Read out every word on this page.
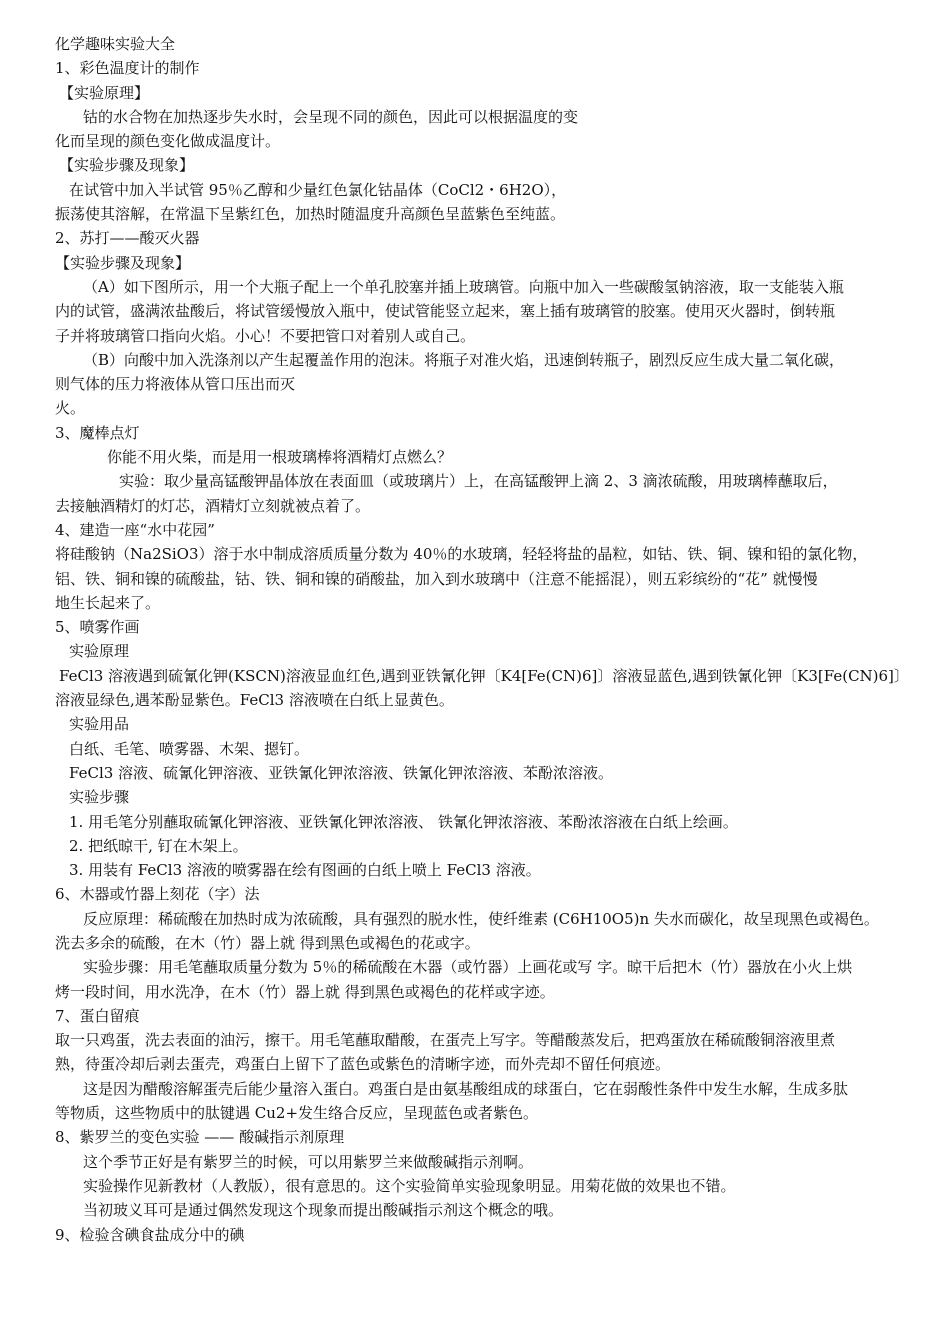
化学趣味实验大全
1、彩色温度计的制作
【实验原理】
钴的水合物在加热逐步失水时，会呈现不同的颜色，因此可以根据温度的变
化而呈现的颜色变化做成温度计。
【实验步骤及现象】
在试管中加入半试管 95％乙醇和少量红色氯化钴晶体（CoCl2・6H2O），
振荡使其溶解，在常温下呈紫红色，加热时随温度升高颜色呈蓝紫色至纯蓝。
2、苏打——酸灭火器
【实验步骤及现象】
（A）如下图所示，用一个大瓶子配上一个单孔胶塞并插上玻璃管。向瓶中加入一些碳酸氢钠溶液，取一支能装入瓶
内的试管，盛满浓盐酸后，将试管缓慢放入瓶中，使试管能竖立起来，塞上插有玻璃管的胶塞。使用灭火器时，倒转瓶
子并将玻璃管口指向火焰。小心！不要把管口对着别人或自己。
（B）向酸中加入洗涤剂以产生起覆盖作用的泡沫。将瓶子对准火焰，迅速倒转瓶子，剧烈反应生成大量二氧化碳，
则气体的压力将液体从管口压出而灭
火。
3、魔棒点灯
你能不用火柴，而是用一根玻璃棒将酒精灯点燃么？
实验：取少量高锰酸钾晶体放在表面皿（或玻璃片）上，在高锰酸钾上滴 2、3 滴浓硫酸，用玻璃棒蘸取后，
去接触酒精灯的灯芯，酒精灯立刻就被点着了。
4、建造一座“水中花园”
将硅酸钠（Na2SiO3）溶于水中制成溶质质量分数为 40％的水玻璃，轻轻将盐的晶粒，如钴、铁、铜、镍和铅的氯化物，
铝、铁、铜和镍的硫酸盐，钴、铁、铜和镍的硝酸盐，加入到水玻璃中（注意不能摇混），则五彩缤纷的“花” 就慢慢
地生长起来了。
5、喷雾作画
实验原理
FeCl3 溶液遇到硫氰化钾(KSCN)溶液显血红色,遇到亚铁氰化钾〔K4[Fe(CN)6]〕溶液显蓝色,遇到铁氰化钾〔K3[Fe(CN)6]〕
溶液显绿色,遇苯酚显紫色。FeCl3 溶液喷在白纸上显黄色。
实验用品
白纸、毛笔、喷雾器、木架、摁钉。
FeCl3 溶液、硫氰化钾溶液、亚铁氰化钾浓溶液、铁氰化钾浓溶液、苯酚浓溶液。
实验步骤
1. 用毛笔分别蘸取硫氰化钾溶液、亚铁氰化钾浓溶液、 铁氰化钾浓溶液、苯酚浓溶液在白纸上绘画。
2. 把纸晾干, 钉在木架上。
3. 用装有 FeCl3 溶液的喷雾器在绘有图画的白纸上喷上 FeCl3 溶液。
6、木器或竹器上刻花（字）法
反应原理：稀硫酸在加热时成为浓硫酸，具有强烈的脱水性，使纤维素 (C6H10O5)n 失水而碳化，故呈现黑色或褐色。
洗去多余的硫酸，在木（竹）器上就 得到黑色或褐色的花或字。
实验步骤：用毛笔蘸取质量分数为 5％的稀硫酸在木器（或竹器）上画花或写 字。晾干后把木（竹）器放在小火上烘
烤一段时间，用水洗净，在木（竹）器上就 得到黑色或褐色的花样或字迹。
7、蛋白留痕
取一只鸡蛋，洗去表面的油污，擦干。用毛笔蘸取醋酸，在蛋壳上写字。等醋酸蒸发后，把鸡蛋放在稀硫酸铜溶液里煮
熟，待蛋冷却后剥去蛋壳，鸡蛋白上留下了蓝色或紫色的清晰字迹，而外壳却不留任何痕迹。
这是因为醋酸溶解蛋壳后能少量溶入蛋白。鸡蛋白是由氨基酸组成的球蛋白，它在弱酸性条件中发生水解，生成多肽
等物质，这些物质中的肽键遇 Cu2+发生络合反应，呈现蓝色或者紫色。
8、紫罗兰的变色实验 —— 酸碱指示剂原理
这个季节正好是有紫罗兰的时候，可以用紫罗兰来做酸碱指示剂啊。
实验操作见新教材（人教版），很有意思的。这个实验简单实验现象明显。用菊花做的效果也不错。
当初玻义耳可是通过偶然发现这个现象而提出酸碱指示剂这个概念的哦。
9、检验含碘食盐成分中的碘
